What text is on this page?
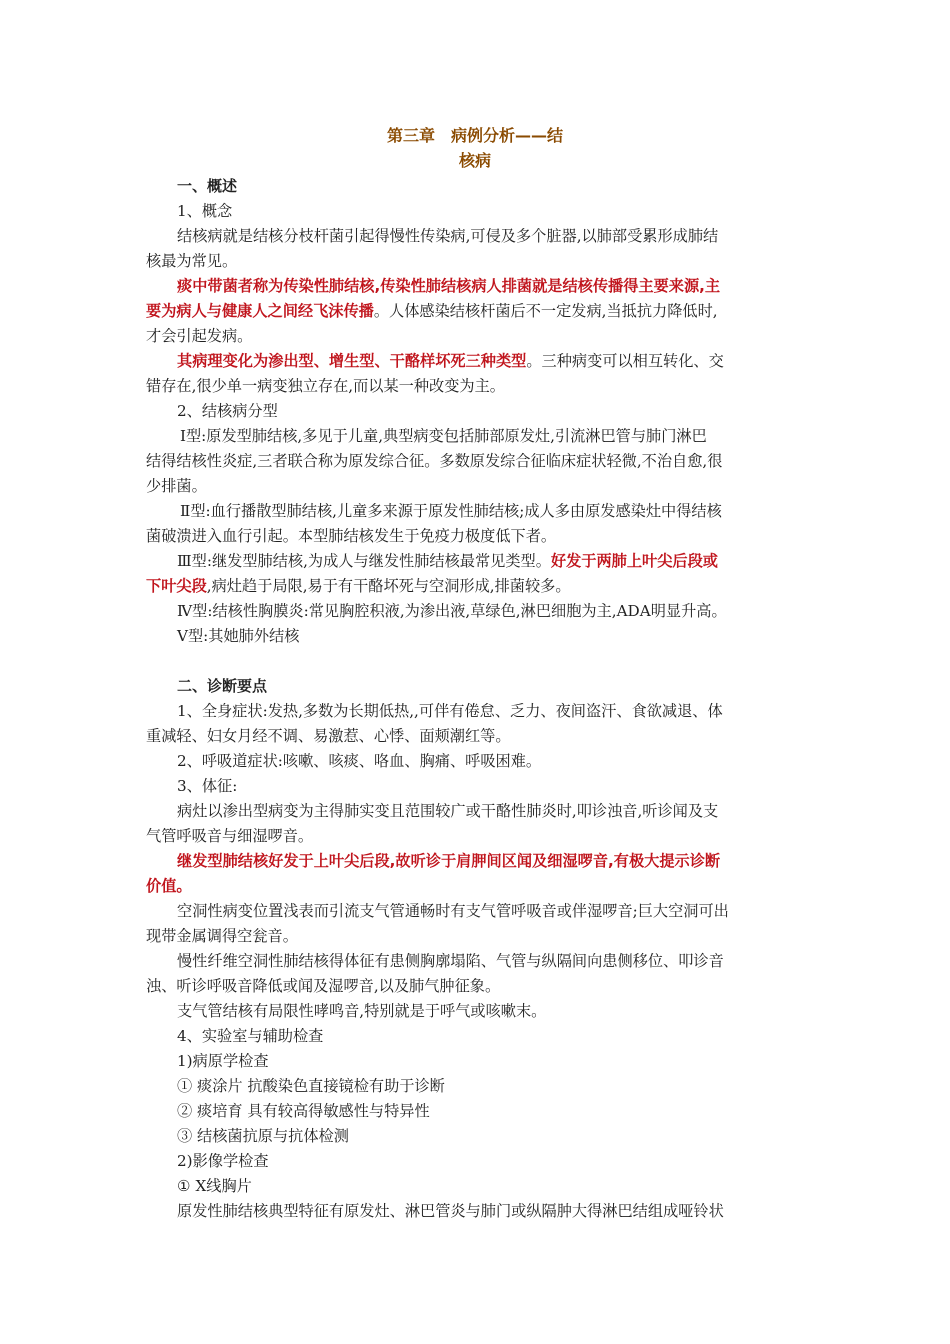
第三章　病例分析——结
核病
一、概述
1、概念
结核病就是结核分枝杆菌引起得慢性传染病,可侵及多个脏器,以肺部受累形成肺结
核最为常见。
痰中带菌者称为传染性肺结核,传染性肺结核病人排菌就是结核传播得主要来源,主
要为病人与健康人之间经飞沫传播。人体感染结核杆菌后不一定发病,当抵抗力降低时,
才会引起发病。
其病理变化为渗出型、增生型、干酪样坏死三种类型。三种病变可以相互转化、交
错存在,很少单一病变独立存在,而以某一种改变为主。
2、结核病分型
Ⅰ型:原发型肺结核,多见于儿童,典型病变包括肺部原发灶,引流淋巴管与肺门淋巴
结得结核性炎症,三者联合称为原发综合征。多数原发综合征临床症状轻微,不治自愈,很
少排菌。
Ⅱ型:血行播散型肺结核,儿童多来源于原发性肺结核;成人多由原发感染灶中得结核
菌破溃进入血行引起。本型肺结核发生于免疫力极度低下者。
Ⅲ型:继发型肺结核,为成人与继发性肺结核最常见类型。好发于两肺上叶尖后段或
下叶尖段,病灶趋于局限,易于有干酪坏死与空洞形成,排菌较多。
Ⅳ型:结核性胸膜炎:常见胸腔积液,为渗出液,草绿色,淋巴细胞为主,ADA明显升高。
Ⅴ型:其她肺外结核
二、诊断要点
1、全身症状:发热,多数为长期低热,,可伴有倦怠、乏力、夜间盗汗、食欲减退、体
重减轻、妇女月经不调、易激惹、心悸、面颊潮红等。
2、呼吸道症状:咳嗽、咳痰、咯血、胸痛、呼吸困难。
3、体征:
病灶以渗出型病变为主得肺实变且范围较广或干酪性肺炎时,叩诊浊音,听诊闻及支
气管呼吸音与细湿啰音。
继发型肺结核好发于上叶尖后段,故听诊于肩胛间区闻及细湿啰音,有极大提示诊断
价值。
空洞性病变位置浅表而引流支气管通畅时有支气管呼吸音或伴湿啰音;巨大空洞可出
现带金属调得空瓮音。
慢性纤维空洞性肺结核得体征有患侧胸廓塌陷、气管与纵隔间向患侧移位、叩诊音
浊、听诊呼吸音降低或闻及湿啰音,以及肺气肿征象。
支气管结核有局限性哮鸣音,特别就是于呼气或咳嗽末。
4、实验室与辅助检查
1)病原学检查
① 痰涂片 抗酸染色直接镜检有助于诊断
② 痰培育 具有较高得敏感性与特异性
③ 结核菌抗原与抗体检测
2)影像学检查
① X线胸片
原发性肺结核典型特征有原发灶、淋巴管炎与肺门或纵隔肿大得淋巴结组成哑铃状
